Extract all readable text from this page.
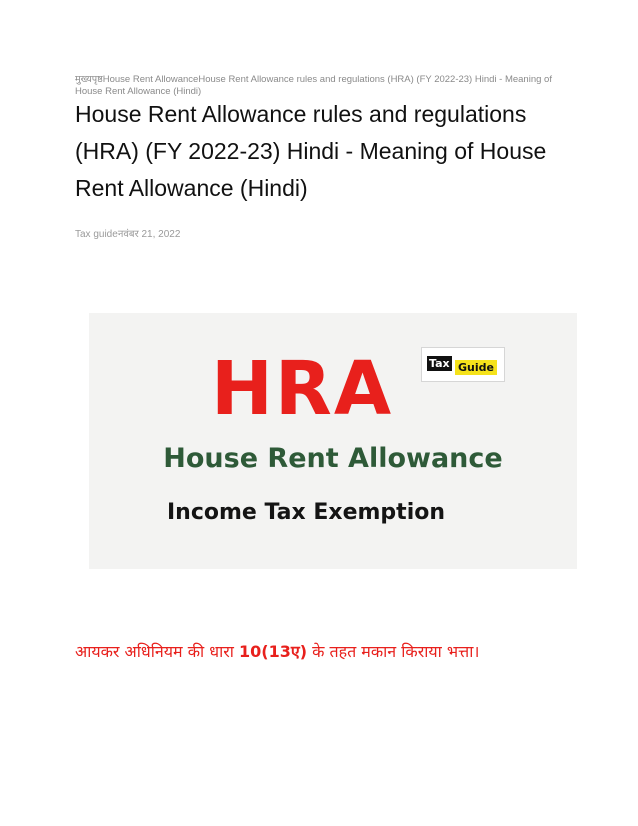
मुख्यपृष्ठHouse Rent AllowanceHouse Rent Allowance rules and regulations (HRA) (FY 2022-23) Hindi - Meaning of House Rent Allowance (Hindi)
House Rent Allowance rules and regulations (HRA) (FY 2022-23) Hindi - Meaning of House Rent Allowance (Hindi)
Tax guideनवंबर 21, 2022
Tax Guide
HRA
House Rent Allowance
Income Tax Exemption
आयकर अधिनियम की धारा 10(13ए) के तहत मकान किराया भत्ता।
